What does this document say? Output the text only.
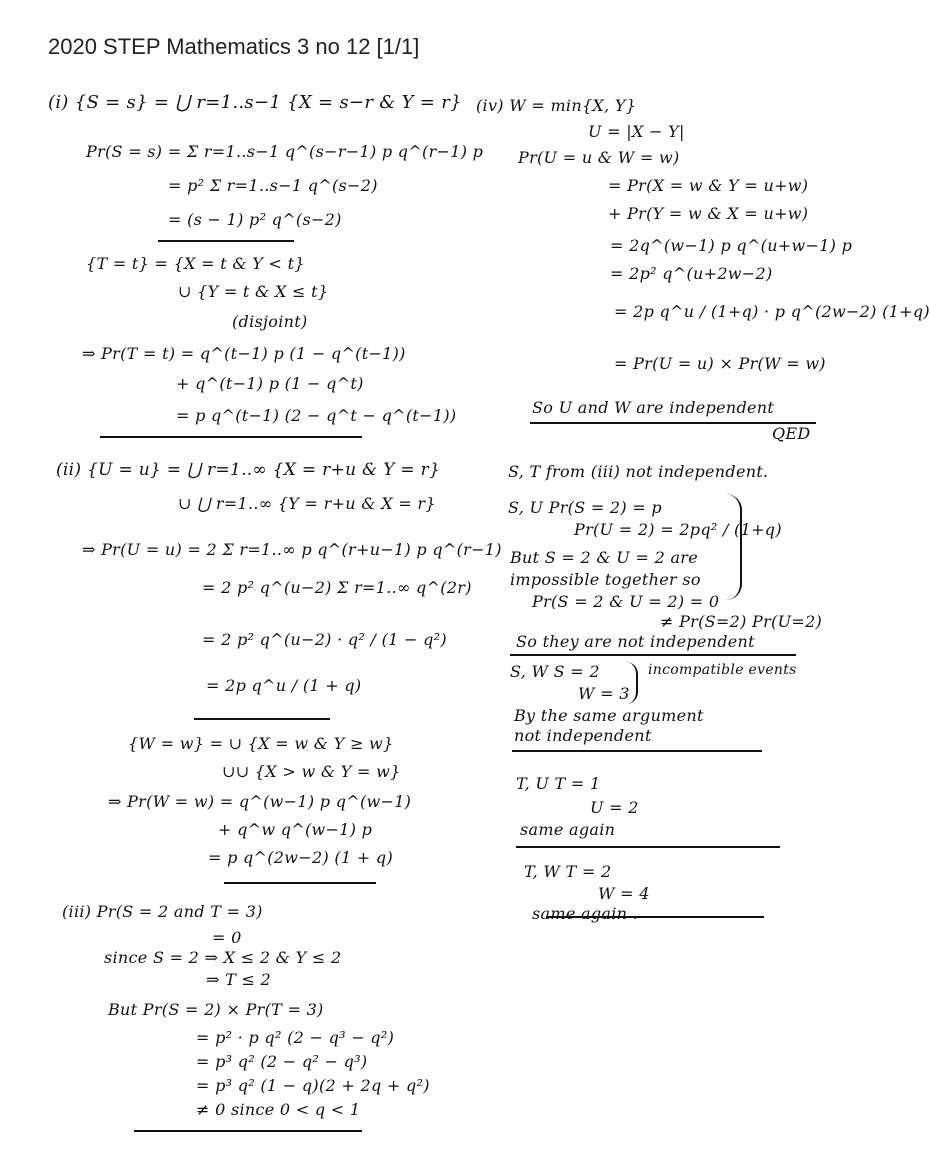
2020 STEP Mathematics 3 no 12 [1/1]
(i) {S = s} = ⋃ r=1..s−1 {X = s−r & Y = r}
Pr(S = s) = Σ r=1..s−1 q^(s−r−1) p q^(r−1) p
= p² Σ r=1..s−1 q^(s−2)
= (s − 1) p² q^(s−2)
{T = t} = {X = t & Y < t}
∪ {Y = t & X ≤ t}
(disjoint)
⇒ Pr(T = t) = q^(t−1) p (1 − q^(t−1))
+ q^(t−1) p (1 − q^t)
= p q^(t−1) (2 − q^t − q^(t−1))
(ii) {U = u} = ⋃ r=1..∞ {X = r+u & Y = r}
∪ ⋃ r=1..∞ {Y = r+u & X = r}
⇒ Pr(U = u) = 2 Σ r=1..∞ p q^(r+u−1) p q^(r−1)
= 2 p² q^(u−2) Σ r=1..∞ q^(2r)
= 2 p² q^(u−2) · q² / (1 − q²)
= 2p q^u / (1 + q)
{W = w} = ∪ {X = w & Y ≥ w}
∪∪ {X > w & Y = w}
⇒ Pr(W = w) = q^(w−1) p q^(w−1)
+ q^w q^(w−1) p
= p q^(2w−2) (1 + q)
(iii) Pr(S = 2 and T = 3)
= 0
since S = 2 ⇒ X ≤ 2 & Y ≤ 2
⇒ T ≤ 2
But Pr(S = 2) × Pr(T = 3)
= p² · p q² (2 − q³ − q²)
= p³ q² (2 − q² − q³)
= p³ q² (1 − q)(2 + 2q + q²)
≠ 0 since 0 < q < 1
(iv) W = min{X, Y}
U = |X − Y|
Pr(U = u & W = w)
= Pr(X = w & Y = u+w)
+ Pr(Y = w & X = u+w)
= 2q^(w−1) p q^(u+w−1) p
= 2p² q^(u+2w−2)
= 2p q^u / (1+q) · p q^(2w−2) (1+q)
= Pr(U = u) × Pr(W = w)
So U and W are independent
QED
S, T from (iii) not independent.
S, U Pr(S = 2) = p
Pr(U = 2) = 2pq² / (1+q)
But S = 2 & U = 2 are
impossible together so
Pr(S = 2 & U = 2) = 0
≠ Pr(S=2) Pr(U=2)
So they are not independent
S, W S = 2
W = 3
incompatible events
By the same argument
not independent
T, U T = 1
U = 2
same again
T, W T = 2
W = 4
same again .
